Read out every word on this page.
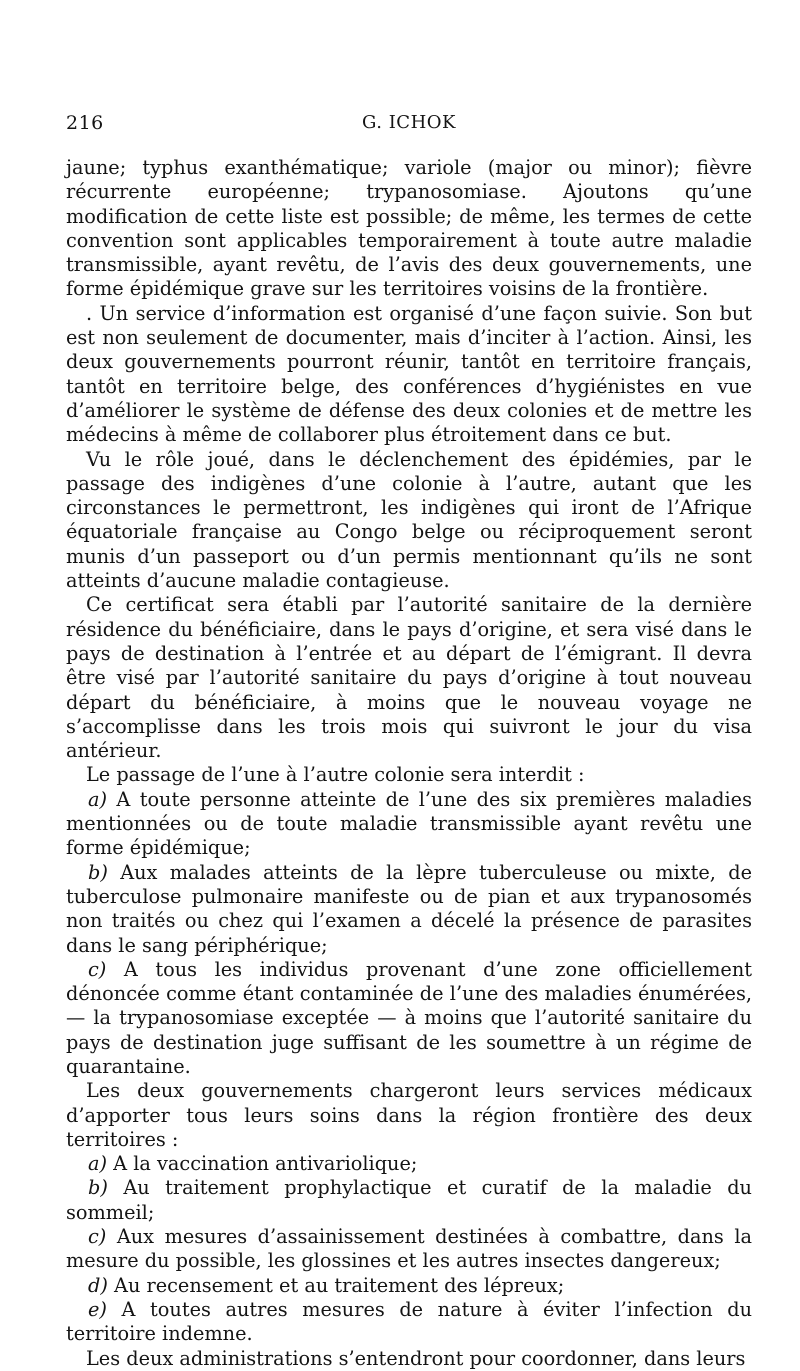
G. ICHOK
216

jaune; typhus exanthématique; variole (major ou minor); fièvre récurrente européenne; trypanosomiase. Ajoutons qu’une modification de cette liste est possible; de même, les termes de cette convention sont applicables temporairement à toute autre maladie transmissible, ayant revêtu, de l’avis des deux gouvernements, une forme épidémique grave sur les territoires voisins de la frontière.

. Un service d’information est organisé d’une façon suivie. Son but est non seulement de documenter, mais d’inciter à l’action. Ainsi, les deux gouvernements pourront réunir, tantôt en territoire français, tantôt en territoire belge, des conférences d’hygiénistes en vue d’améliorer le système de défense des deux colonies et de mettre les médecins à même de collaborer plus étroitement dans ce but.

Vu le rôle joué, dans le déclenchement des épidémies, par le passage des indigènes d’une colonie à l’autre, autant que les circonstances le permettront, les indigènes qui iront de l’Afrique équatoriale française au Congo belge ou réciproquement seront munis d’un passeport ou d’un permis mentionnant qu’ils ne sont atteints d’aucune maladie contagieuse.

Ce certificat sera établi par l’autorité sanitaire de la dernière résidence du bénéficiaire, dans le pays d’origine, et sera visé dans le pays de destination à l’entrée et au départ de l’émigrant. Il devra être visé par l’autorité sanitaire du pays d’origine à tout nouveau départ du bénéficiaire, à moins que le nouveau voyage ne s’accomplisse dans les trois mois qui suivront le jour du visa antérieur.

Le passage de l’une à l’autre colonie sera interdit :

a) A toute personne atteinte de l’une des six premières maladies mentionnées ou de toute maladie transmissible ayant revêtu une forme épidémique;

b) Aux malades atteints de la lèpre tuberculeuse ou mixte, de tuberculose pulmonaire manifeste ou de pian et aux trypanosomés non traités ou chez qui l’examen a décelé la présence de parasites dans le sang périphérique;

c) A tous les individus provenant d’une zone officiellement dénoncée comme étant contaminée de l’une des maladies énumérées, — la trypanosomiase exceptée — à moins que l’autorité sanitaire du pays de destination juge suffisant de les soumettre à un régime de quarantaine.

Les deux gouvernements chargeront leurs services médicaux d’apporter tous leurs soins dans la région frontière des deux territoires :

a) A la vaccination antivariolique;

b) Au traitement prophylactique et curatif de la maladie du sommeil;

c) Aux mesures d’assainissement destinées à combattre, dans la mesure du possible, les glossines et les autres insectes dangereux;

d) Au recensement et au traitement des lépreux;

e) A toutes autres mesures de nature à éviter l’infection du territoire indemne.

Les deux administrations s’entendront pour coordonner, dans leurs
